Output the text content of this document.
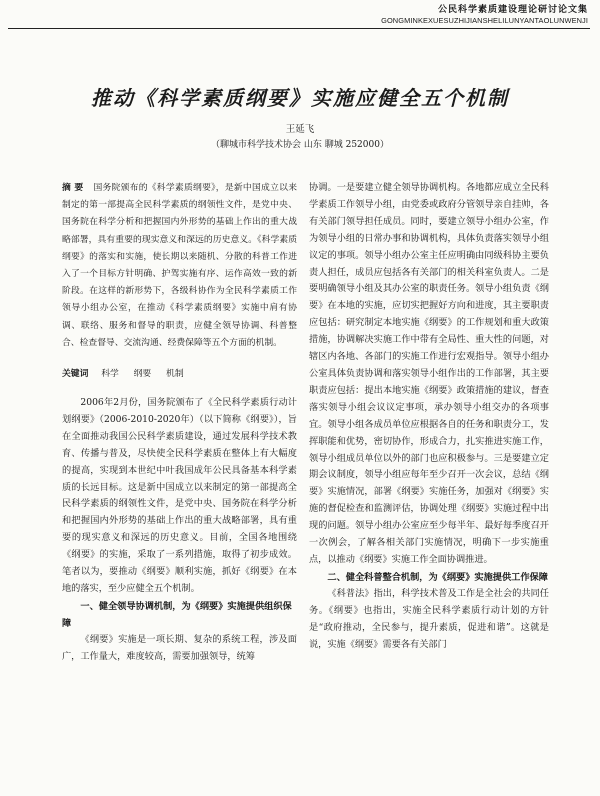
公民科学素质建设理论研讨论文集
GONGMINKEXUESUZHIJIANSHELILUNYANTAOLUNWENJI
推动《科学素质纲要》实施应健全五个机制
王延飞
（聊城市科学技术协会 山东 聊城 252000）

摘 要 国务院颁布的《科学素质纲要》，是新中国成立以来制定的第一部提高全民科学素质的纲领性文件，是党中央、国务院在科学分析和把握国内外形势的基础上作出的重大战略部署，具有重要的现实意义和深远的历史意义。《科学素质纲要》的落实和实施，使长期以来随机、分散的科普工作进入了一个目标方针明确、护驾实施有序、运作高效一致的新阶段。在这样的新形势下，各级科协作为全民科学素质工作领导小组办公室，在推动《科学素质纲要》实施中肩有协调、联络、服务和督导的职责，应健全领导协调、科普整合、检查督导、交流沟通、经费保障等五个方面的机制。

关键词 科学 纲要 机制

2006年2月份，国务院颁布了《全民科学素质行动计划纲要》（2006-2010-2020年）（以下简称《纲要》），旨在全面推动我国公民科学素质建设，通过发展科学技术教育、传播与普及，尽快使全民科学素质在整体上有大幅度的提高，实现到本世纪中叶我国成年公民具备基本科学素质的长远目标。这是新中国成立以来制定的第一部提高全民科学素质的纲领性文件，是党中央、国务院在科学分析和把握国内外形势的基础上作出的重大战略部署，具有重要的现实意义和深远的历史意义。目前，全国各地围绕《纲要》的实施，采取了一系列措施，取得了初步成效。笔者以为，要推动《纲要》顺利实施，抓好《纲要》在本地的落实，至少应健全五个机制。

一、健全领导协调机制，为《纲要》实施提供组织保障

《纲要》实施是一项长期、复杂的系统工程，涉及面广，工作量大，难度较高，需要加强领导，统筹

协调。一是要建立健全领导协调机构。各地都应成立全民科学素质工作领导小组，由党委或政府分管领导亲自挂帅，各有关部门领导担任成员。同时，要建立领导小组办公室，作为领导小组的日常办事和协调机构，具体负责落实领导小组议定的事项。领导小组办公室主任应明确由同级科协主要负责人担任，成员应包括各有关部门的相关科室负责人。二是要明确领导小组及其办公室的职责任务。领导小组负责《纲要》在本地的实施，应切实把握好方向和进度，其主要职责应包括：研究制定本地实施《纲要》的工作规划和重大政策措施，协调解决实施工作中带有全局性、重大性的问题，对辖区内各地、各部门的实施工作进行宏观指导。领导小组办公室具体负责协调和落实领导小组作出的工作部署，其主要职责应包括：提出本地实施《纲要》政策措施的建议，督查落实领导小组会议议定事项，承办领导小组交办的各项事宜。领导小组各成员单位应根据各自的任务和职责分工，发挥职能和优势，密切协作，形成合力，扎实推进实施工作，领导小组成员单位以外的部门也应积极参与。三是要建立定期会议制度，领导小组应每年至少召开一次会议，总结《纲要》实施情况，部署《纲要》实施任务，加强对《纲要》实施的督促检查和监测评估，协调处理《纲要》实施过程中出现的问题。领导小组办公室应至少每半年、最好每季度召开一次例会，了解各相关部门实施情况，明确下一步实施重点，以推动《纲要》实施工作全面协调推进。

二、健全科普整合机制，为《纲要》实施提供工作保障

《科普法》指出，科学技术普及工作是全社会的共同任务。《纲要》也指出，实施全民科学素质行动计划的方针是“政府推动，全民参与，提升素质，促进和谐”。这就是说，实施《纲要》需要各有关部门
